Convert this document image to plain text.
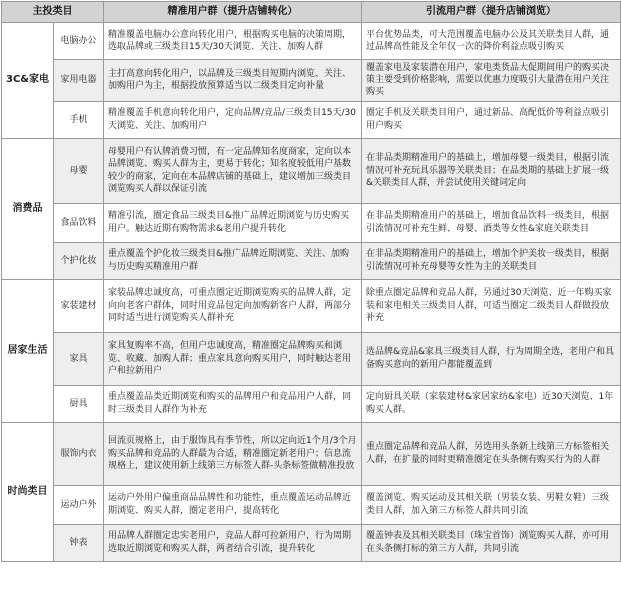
主投类目		精准用户群（提升店铺转化）	引流用户群（提升店铺浏览）
3C&家电	电脑办公	精准覆盖电脑办公意向转化用户，根据购买电脑的决策周期，选取品牌或三级类目15天/30天浏览、关注、加购人群	平台优势品类，可大范围覆盖电脑办公及其关联类目人群，通过品牌高性能及全年仅一次的降价利益点吸引购买
	家用电器	主打高意向转化用户，以品牌及三级类目短期内浏览、关注、加购用户为主，根据投放预算适当以二级类目定向补量	覆盖家电及家装潜在用户，家电类货品大促期间用户的购买决策主要受到价格影响，需要以优惠力度吸引大量潜在用户关注购买
	手机	精准覆盖手机意向转化用户，定向品牌/竞品/三级类目15天/30天浏览、关注、加购用户	圈定手机及关联类目用户，通过新品、高配低价等利益点吸引用户购买
消费品	母婴	母婴用户有认牌消费习惯，有一定品牌知名度商家，定向以本品牌浏览、购买人群为主，更易于转化；知名度较低用户基数较少的商家，定向在本品牌店铺的基础上，建议增加三级类目浏览购买人群以保证引流	在非品类期精准用户的基础上，增加母婴一级类目，根据引流情况可补充玩具乐器等关联类目；在品类期的基础上扩展一级&关联类目人群，并尝试使用关键词定向
	食品饮料	精准引流，圈定食品三级类目&推广品牌近期浏览与历史购买用户。触达近期有购物需求&老用户提升转化	在非品类期精准用户的基础上，增加食品饮料一级类目，根据引流情况可补充生鲜、母婴、酒类等女性&家庭关联类目
	个护化妆	重点覆盖个护化妆三级类目&推广品牌近期浏览、关注、加购与历史购买精准用户群	在非品类期精准用户的基础上，增加个护美妆一级类目，根据引流情况可补充母婴等女性为主的关联类目
居家生活	家装建材	家装品牌忠诚度高，可重点圈定近期浏览购买的品牌人群，定向向老客户群体，同时用竞品包定向加购新客户人群，两部分同时适当进行浏览购买人群补充	除重点圈定品牌和竞品人群，另通过30天浏览、近一年购买家装和家电相关三级类目人群，可适当圈定二级类目人群做投放补充
	家具	家具复购率不高，但用户忠诚度高，精准圈定品牌购买和浏览、收藏、加购人群；重点家具意向购买用户，同时触达老用户和拉新用户	选品牌&竞品&家具三级类目人群，行为周期全选，老用户和具备购买意向的新用户都能覆盖到
	厨具	重点覆盖品类近期浏览和购买的品牌用户和竞品用户人群，同时三级类目人群作为补充	定向厨具关联（家装建材&家居家纺&家电）近30天浏览、1年购买人群。
时尚类目	服饰内衣	回流页规格上，由于服饰具有季节性，所以定向近1个月/3个月购买品牌和竞品的人群最为合适，精准圈定新老用户；信息流规格上，建议使用新上线第三方标签人群-头条标签做精准投放	重点圈定品牌和竞品人群，另选用头条新上线第三方标签相关人群，在扩量的同时更精准圈定在头条侧有购买行为的人群
	运动户外	运动户外用户偏重商品品牌性和功能性，重点覆盖运动品牌近期浏览、购买人群，圈定老用户，提高转化	覆盖浏览、购买运动及其相关联（男装女装、男鞋女鞋）三级类目人群，加入第三方标签人群共同引流
	钟表	用品牌人群圈定忠实老用户，竞品人群可拉新用户，行为周期选取近期浏览和购买人群，两者结合引流，提升转化	覆盖钟表及其相关联类目（珠宝首饰）浏览购买人群，亦可用在头条侧打标的第三方人群，共同引流
